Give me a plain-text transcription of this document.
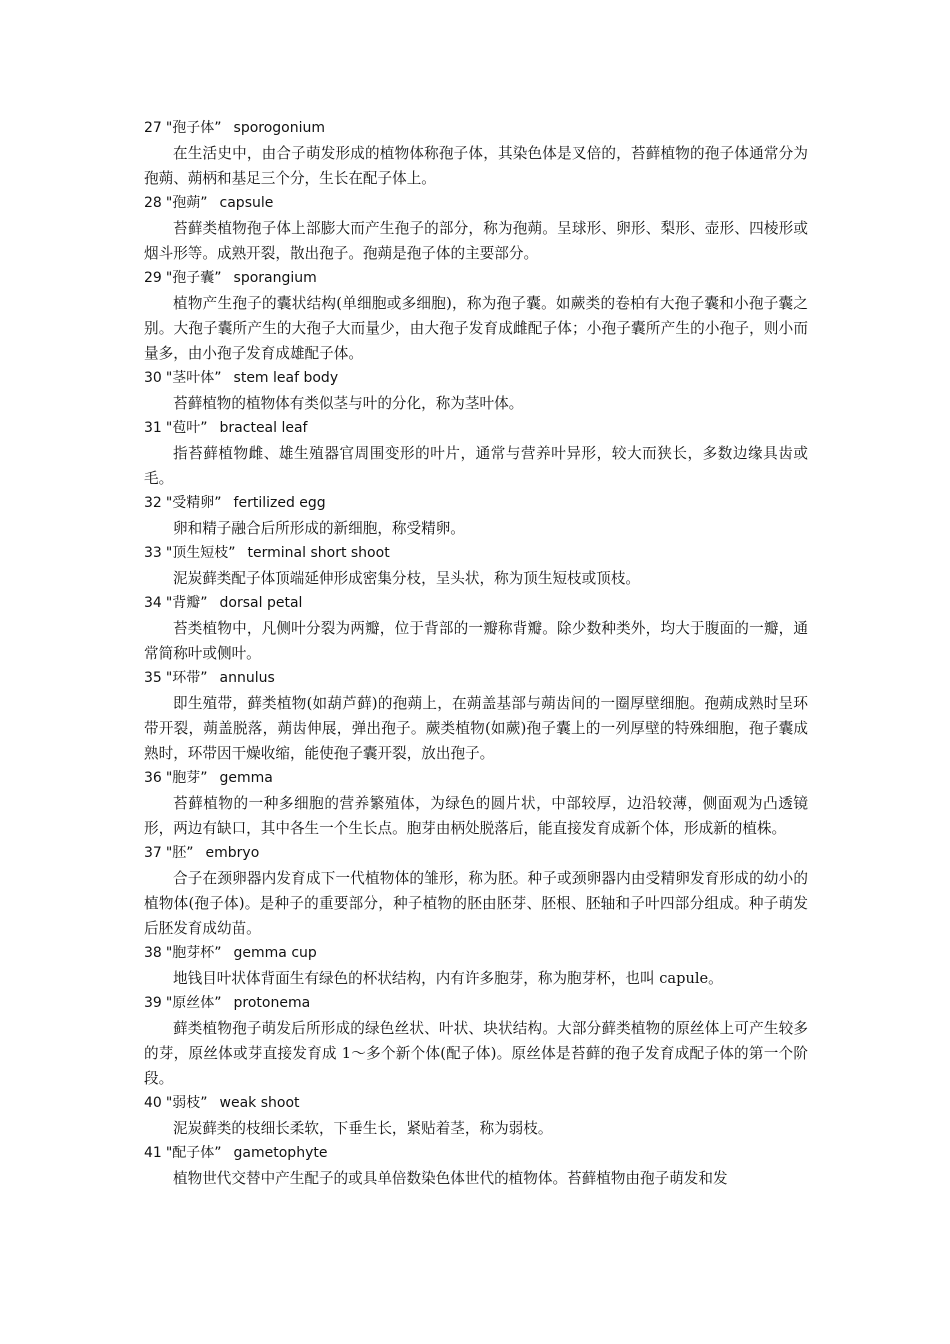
27 "孢子体” sporogonium

在生活史中，由合子萌发形成的植物体称孢子体，其染色体是叉倍的，苔藓植物的孢子体通常分为孢蒴、蒴柄和基足三个分，生长在配子体上。

28 "孢蒴” capsule

苔藓类植物孢子体上部膨大而产生孢子的部分，称为孢蒴。呈球形、卵形、梨形、壶形、四棱形或烟斗形等。成熟开裂，散出孢子。孢蒴是孢子体的主要部分。

29 "孢子囊” sporangium

植物产生孢子的囊状结构(单细胞或多细胞)，称为孢子囊。如蕨类的卷柏有大孢子囊和小孢子囊之别。大孢子囊所产生的大孢子大而量少，由大孢子发育成雌配子体；小孢子囊所产生的小孢子，则小而量多，由小孢子发育成雄配子体。

30 "茎叶体” stem leaf body

苔藓植物的植物体有类似茎与叶的分化，称为茎叶体。

31 "苞叶” bracteal leaf

指苔藓植物雌、雄生殖器官周围变形的叶片，通常与营养叶异形，较大而狭长，多数边缘具齿或毛。

32 "受精卵” fertilized egg

卵和精子融合后所形成的新细胞，称受精卵。

33 "顶生短枝” terminal short shoot

泥炭藓类配子体顶端延伸形成密集分枝，呈头状，称为顶生短枝或顶枝。

34 "背瓣” dorsal petal

苔类植物中，凡侧叶分裂为两瓣，位于背部的一瓣称背瓣。除少数种类外，均大于腹面的一瓣，通常简称叶或侧叶。

35 "环带” annulus

即生殖带，藓类植物(如葫芦藓)的孢蒴上，在蒴盖基部与蒴齿间的一圈厚壁细胞。孢蒴成熟时呈环带开裂，蒴盖脱落，蒴齿伸展，弹出孢子。蕨类植物(如蕨)孢子囊上的一列厚壁的特殊细胞，孢子囊成熟时，环带因干燥收缩，能使孢子囊开裂，放出孢子。

36 "胞芽” gemma

苔藓植物的一种多细胞的营养繁殖体，为绿色的圆片状，中部较厚，边沿较薄，侧面观为凸透镜形，两边有缺口，其中各生一个生长点。胞芽由柄处脱落后，能直接发育成新个体，形成新的植株。

37 "胚” embryo

合子在颈卵器内发育成下一代植物体的雏形，称为胚。种子或颈卵器内由受精卵发育形成的幼小的植物体(孢子体)。是种子的重要部分，种子植物的胚由胚芽、胚根、胚轴和子叶四部分组成。种子萌发后胚发育成幼苗。

38 "胞芽杯” gemma cup

地钱目叶状体背面生有绿色的杯状结构，内有许多胞芽，称为胞芽杯，也叫 capule。

39 "原丝体” protonema

藓类植物孢子萌发后所形成的绿色丝状、叶状、块状结构。大部分藓类植物的原丝体上可产生较多的芽，原丝体或芽直接发育成 1～多个新个体(配子体)。原丝体是苔藓的孢子发育成配子体的第一个阶段。

40 "弱枝” weak shoot

泥炭藓类的枝细长柔软，下垂生长，紧贴着茎，称为弱枝。

41 "配子体” gametophyte

植物世代交替中产生配子的或具单倍数染色体世代的植物体。苔藓植物由孢子萌发和发
